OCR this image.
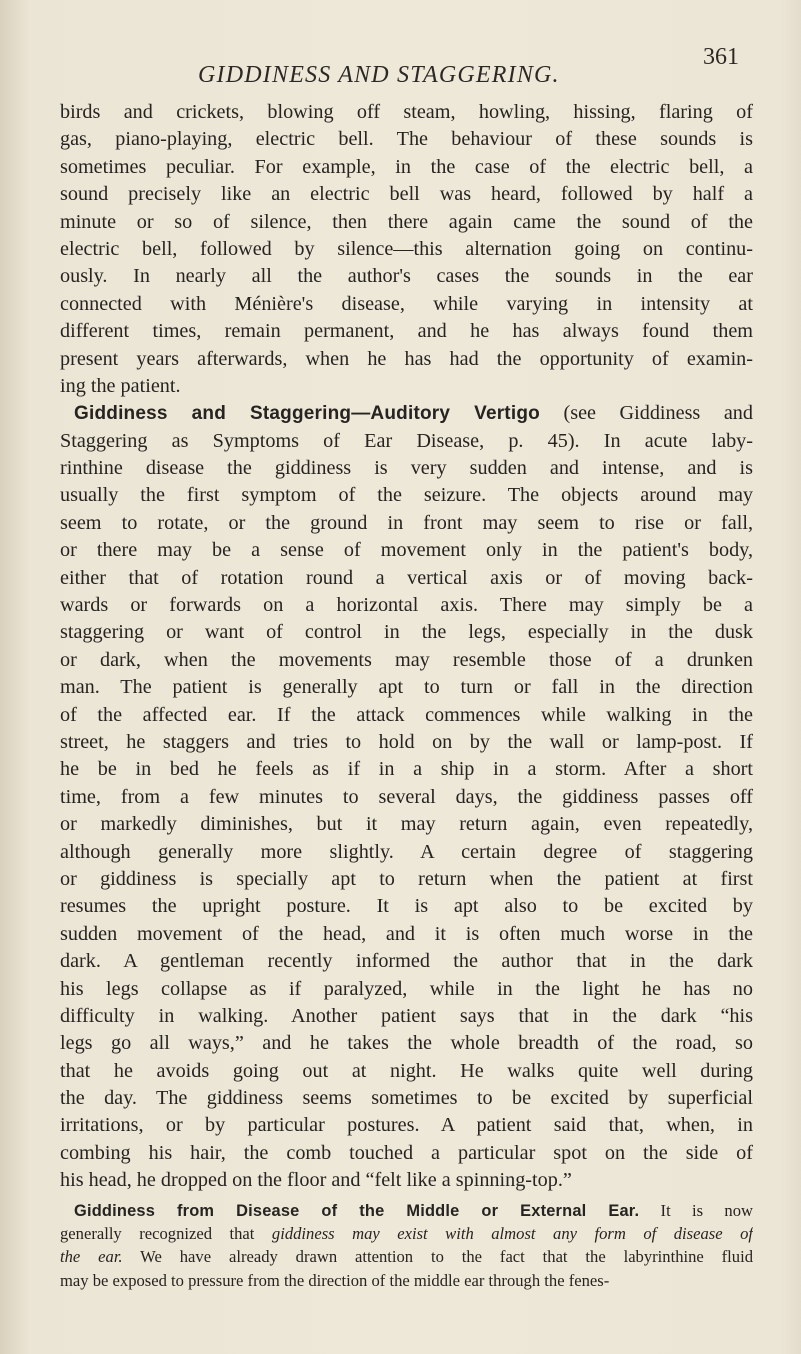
GIDDINESS AND STAGGERING.
361
birds and crickets, blowing off steam, howling, hissing, flaring of
gas, piano-playing, electric bell. The behaviour of these sounds is
sometimes peculiar. For example, in the case of the electric bell, a
sound precisely like an electric bell was heard, followed by half a
minute or so of silence, then there again came the sound of the
electric bell, followed by silence—this alternation going on continu-
ously. In nearly all the author's cases the sounds in the ear
connected with Ménière's disease, while varying in intensity at
different times, remain permanent, and he has always found them
present years afterwards, when he has had the opportunity of examin-
ing the patient.
Giddiness and Staggering—Auditory Vertigo (see Giddiness and
Staggering as Symptoms of Ear Disease, p. 45). In acute laby-
rinthine disease the giddiness is very sudden and intense, and is
usually the first symptom of the seizure. The objects around may
seem to rotate, or the ground in front may seem to rise or fall,
or there may be a sense of movement only in the patient's body,
either that of rotation round a vertical axis or of moving back-
wards or forwards on a horizontal axis. There may simply be a
staggering or want of control in the legs, especially in the dusk
or dark, when the movements may resemble those of a drunken
man. The patient is generally apt to turn or fall in the direction
of the affected ear. If the attack commences while walking in the
street, he staggers and tries to hold on by the wall or lamp-post. If
he be in bed he feels as if in a ship in a storm. After a short
time, from a few minutes to several days, the giddiness passes off
or markedly diminishes, but it may return again, even repeatedly,
although generally more slightly. A certain degree of staggering
or giddiness is specially apt to return when the patient at first
resumes the upright posture. It is apt also to be excited by
sudden movement of the head, and it is often much worse in the
dark. A gentleman recently informed the author that in the dark
his legs collapse as if paralyzed, while in the light he has no
difficulty in walking. Another patient says that in the dark “his
legs go all ways,” and he takes the whole breadth of the road, so
that he avoids going out at night. He walks quite well during
the day. The giddiness seems sometimes to be excited by superficial
irritations, or by particular postures. A patient said that, when, in
combing his hair, the comb touched a particular spot on the side of
his head, he dropped on the floor and “felt like a spinning-top.”
Giddiness from Disease of the Middle or External Ear. It is now
generally recognized that giddiness may exist with almost any form of disease of
the ear. We have already drawn attention to the fact that the labyrinthine fluid
may be exposed to pressure from the direction of the middle ear through the fenes-
